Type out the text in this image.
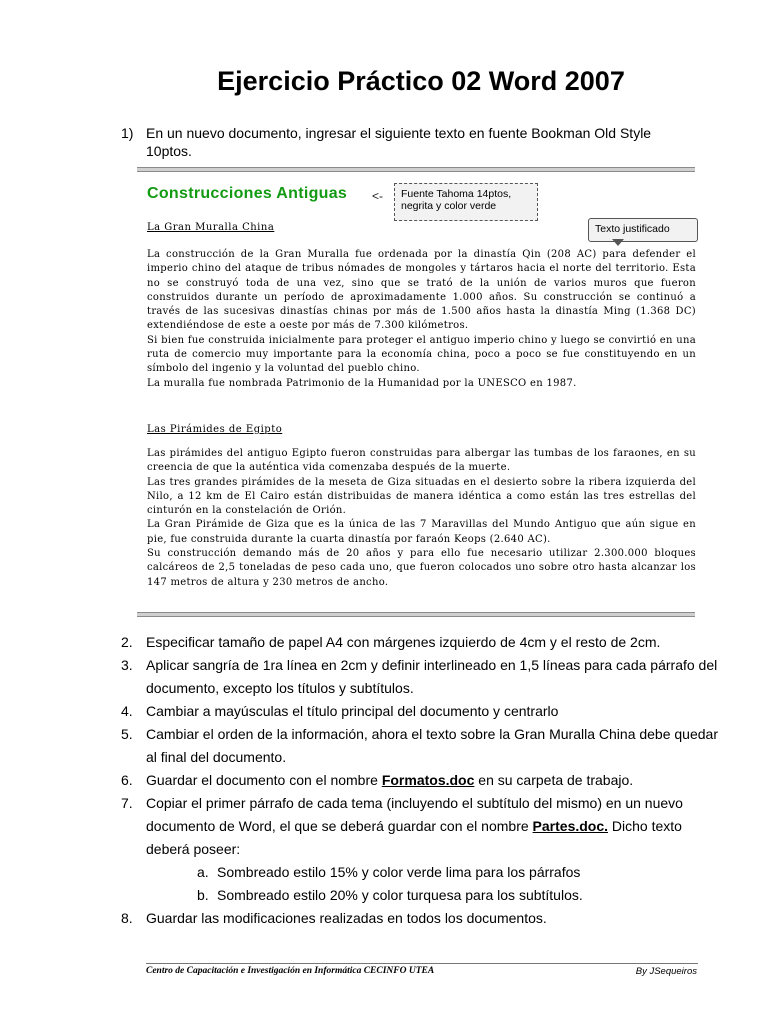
Ejercicio Práctico 02 Word 2007
1) En un nuevo documento, ingresar el siguiente texto en fuente Bookman Old Style 10ptos.
Construcciones Antiguas <-	Fuente Tahoma 14ptos, negrita y color verde
Texto justificado
La Gran Muralla China

La construcción de la Gran Muralla fue ordenada por la dinastía Qin (208 AC) para defender el imperio chino del ataque de tribus nómades de mongoles y tártaros hacia el norte del territorio. Esta no se construyó toda de una vez, sino que se trató de la unión de varios muros que fueron construidos durante un período de aproximadamente 1.000 años. Su construcción se continuó a través de las sucesivas dinastías chinas por más de 1.500 años hasta la dinastía Ming (1.368 DC) extendiéndose de este a oeste por más de 7.300 kilómetros.

Si bien fue construida inicialmente para proteger el antiguo imperio chino y luego se convirtió en una ruta de comercio muy importante para la economía china, poco a poco se fue constituyendo en un símbolo del ingenio y la voluntad del pueblo chino.

La muralla fue nombrada Patrimonio de la Humanidad por la UNESCO en 1987.

Las Pirámides de Egipto

Las pirámides del antiguo Egipto fueron construidas para albergar las tumbas de los faraones, en su creencia de que la auténtica vida comenzaba después de la muerte.

Las tres grandes pirámides de la meseta de Giza situadas en el desierto sobre la ribera izquierda del Nilo, a 12 km de El Cairo están distribuidas de manera idéntica a como están las tres estrellas del cinturón en la constelación de Orión.

La Gran Pirámide de Giza que es la única de las 7 Maravillas del Mundo Antiguo que aún sigue en pie, fue construida durante la cuarta dinastía por faraón Keops (2.640 AC).

Su construcción demando más de 20 años y para ello fue necesario utilizar 2.300.000 bloques calcáreos de 2,5 toneladas de peso cada uno, que fueron colocados uno sobre otro hasta alcanzar los 147 metros de altura y 230 metros de ancho.

2. Especificar tamaño de papel A4 con márgenes izquierdo de 4cm y el resto de 2cm.
3. Aplicar sangría de 1ra línea en 2cm y definir interlineado en 1,5 líneas para cada párrafo del documento, excepto los títulos y subtítulos.
4. Cambiar a mayúsculas el título principal del documento y centrarlo
5. Cambiar el orden de la información, ahora el texto sobre la Gran Muralla China debe quedar al final del documento.
6. Guardar el documento con el nombre Formatos.doc en su carpeta de trabajo.
7. Copiar el primer párrafo de cada tema (incluyendo el subtítulo del mismo) en un nuevo documento de Word, el que se deberá guardar con el nombre Partes.doc. Dicho texto deberá poseer:
a. Sombreado estilo 15% y color verde lima para los párrafos
b. Sombreado estilo 20% y color turquesa para los subtítulos.
8. Guardar las modificaciones realizadas en todos los documentos.
Centro de Capacitación e Investigación en Informática CECINFO UTEA	By JSequeiros
